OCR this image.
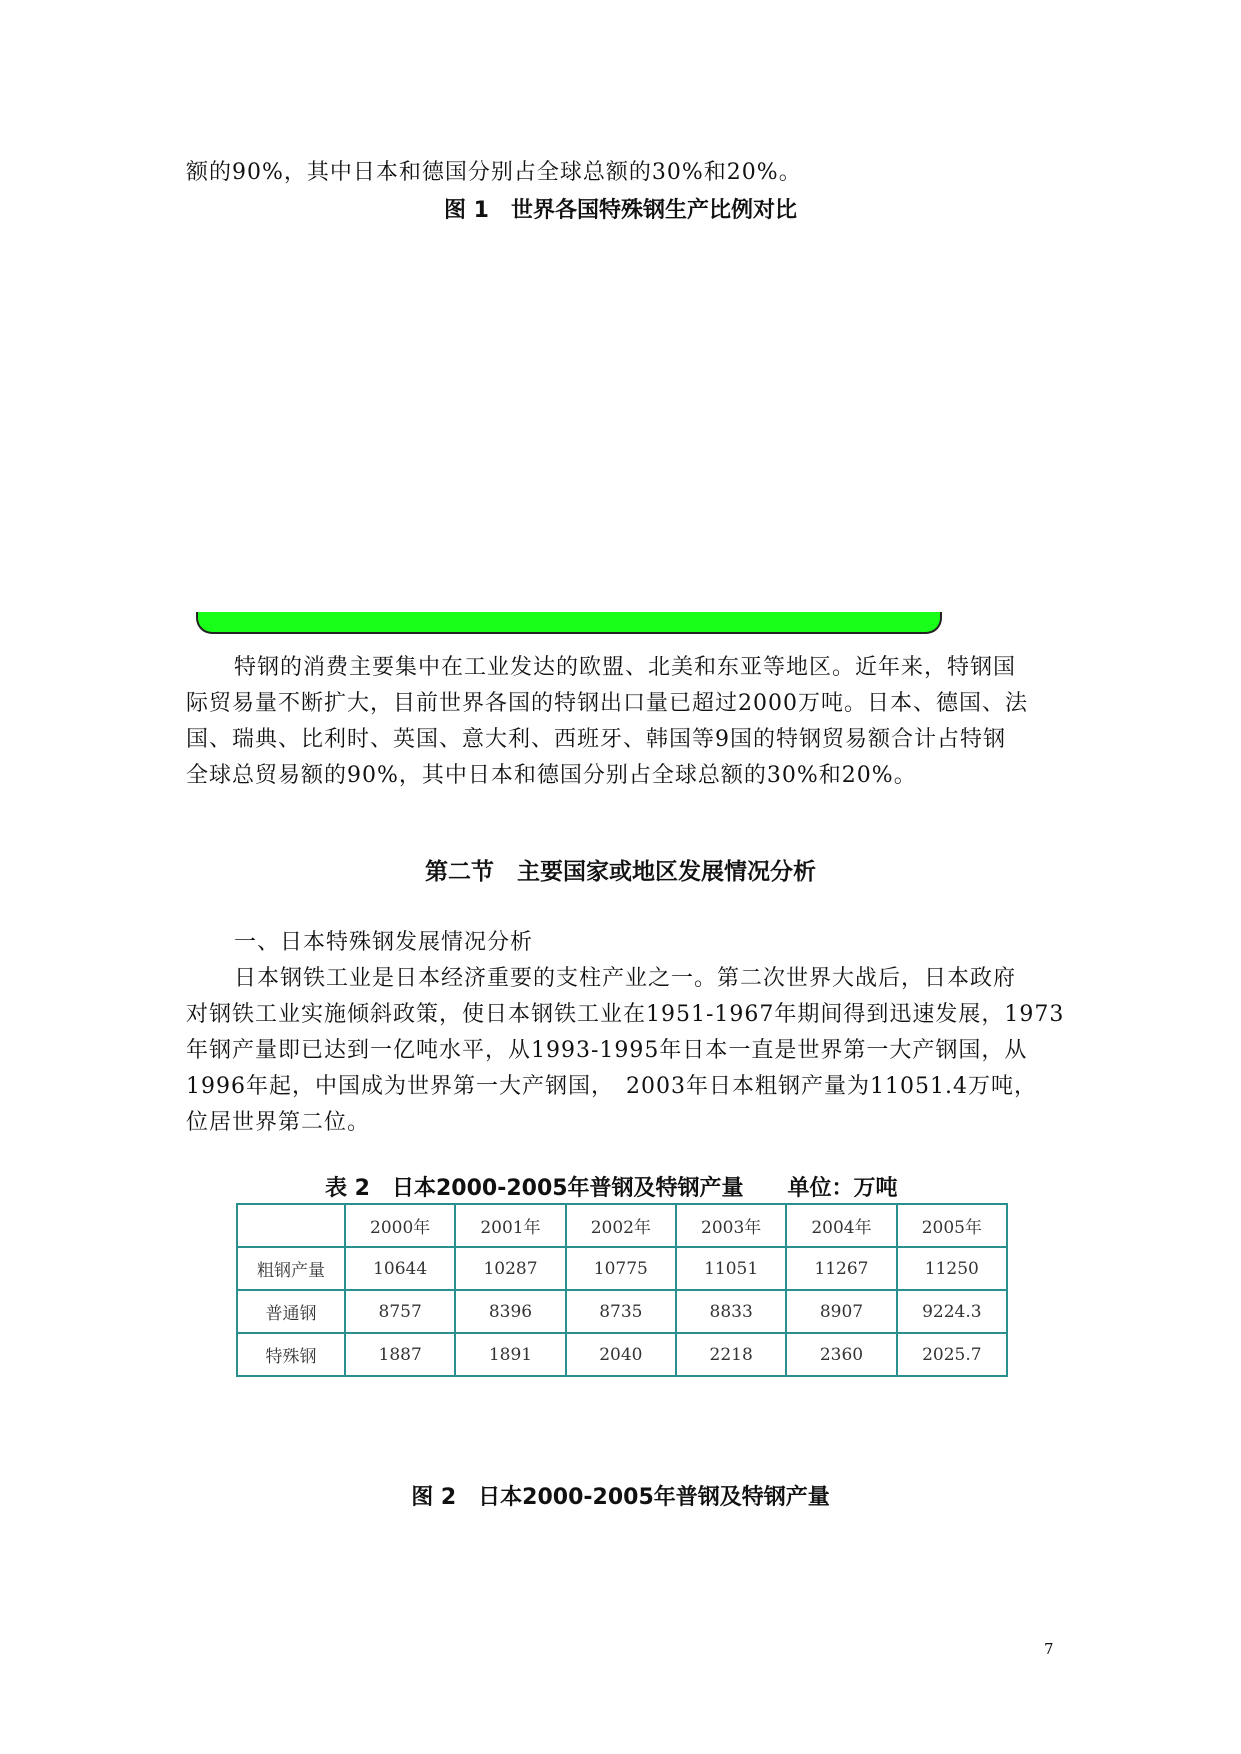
额的90%，其中日本和德国分别占全球总额的30%和20%。
图 1　世界各国特殊钢生产比例对比
特钢的消费主要集中在工业发达的欧盟、北美和东亚等地区。近年来，特钢国
际贸易量不断扩大，目前世界各国的特钢出口量已超过2000万吨。日本、德国、法
国、瑞典、比利时、英国、意大利、西班牙、韩国等9国的特钢贸易额合计占特钢
全球总贸易额的90%，其中日本和德国分别占全球总额的30%和20%。
第二节　主要国家或地区发展情况分析
一、日本特殊钢发展情况分析
日本钢铁工业是日本经济重要的支柱产业之一。第二次世界大战后，日本政府
对钢铁工业实施倾斜政策，使日本钢铁工业在1951-1967年期间得到迅速发展，1973
年钢产量即已达到一亿吨水平，从1993-1995年日本一直是世界第一大产钢国，从
1996年起，中国成为世界第一大产钢国，　2003年日本粗钢产量为11051.4万吨，
位居世界第二位。
表 2　日本2000-2005年普钢及特钢产量　　单位：万吨
	2000年	2001年	2002年	2003年	2004年	2005年
粗钢产量	10644	10287	10775	11051	11267	11250
普通钢	8757	8396	8735	8833	8907	9224.3
特殊钢	1887	1891	2040	2218	2360	2025.7
图 2　日本2000-2005年普钢及特钢产量
7
